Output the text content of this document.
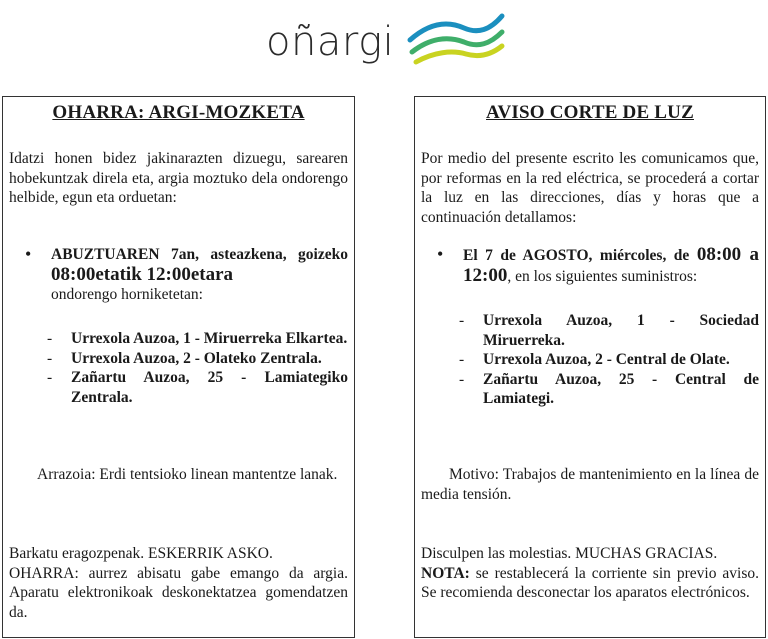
oñargi
OHARRA: ARGI-MOZKETA
Idatzi honen bidez jakinarazten dizuegu, sarearen hobekuntzak direla eta, argia moztuko dela ondorengo helbide, egun eta orduetan:
• ABUZTUAREN 7an, asteazkena, goizeko 08:00etatik 12:00etara
ondorengo horniketetan:
- Urrexola Auzoa, 1 - Miruerreka Elkartea.
- Urrexola Auzoa, 2 - Olateko Zentrala.
- Zañartu Auzoa, 25 - Lamiategiko Zentrala.
Arrazoia: Erdi tentsioko linean mantentze lanak.
Barkatu eragozpenak. ESKERRIK ASKO.
OHARRA: aurrez abisatu gabe emango da argia. Aparatu elektronikoak deskonektatzea gomendatzen da.
AVISO CORTE DE LUZ
Por medio del presente escrito les comunicamos que, por reformas en la red eléctrica, se procederá a cortar la luz en las direcciones, días y horas que a continuación detallamos:
• El 7 de AGOSTO, miércoles, de 08:00 a 12:00, en los siguientes suministros:
- Urrexola Auzoa, 1 - Sociedad Miruerreka.
- Urrexola Auzoa, 2 - Central de Olate.
- Zañartu Auzoa, 25 - Central de Lamiategi.
Motivo: Trabajos de mantenimiento en la línea de media tensión.
Disculpen las molestias. MUCHAS GRACIAS.
NOTA: se restablecerá la corriente sin previo aviso. Se recomienda desconectar los aparatos electrónicos.
